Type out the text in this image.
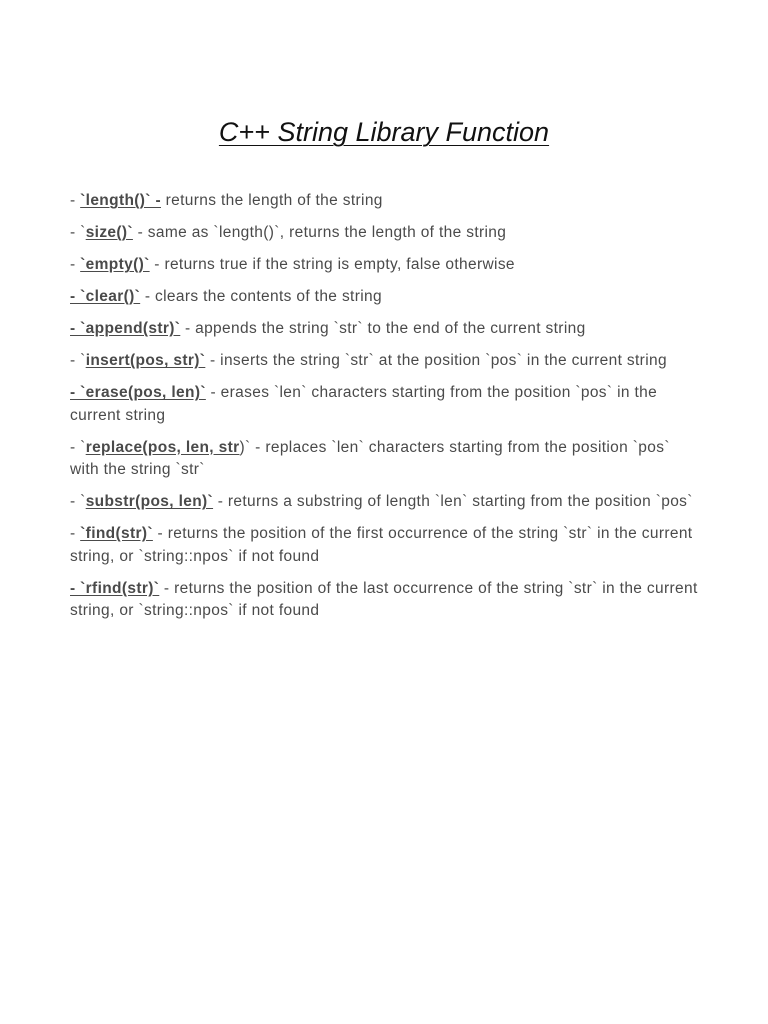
C++ String Library Function
- `length()` - returns the length of the string
- `size()` - same as `length()`, returns the length of the string
- `empty()` - returns true if the string is empty, false otherwise
- `clear()` - clears the contents of the string
- `append(str)` - appends the string `str` to the end of the current string
- `insert(pos, str)` - inserts the string `str` at the position `pos` in the current string
- `erase(pos, len)` - erases `len` characters starting from the position `pos` in the current string
- `replace(pos, len, str)` - replaces `len` characters starting from the position `pos` with the string `str`
- `substr(pos, len)` - returns a substring of length `len` starting from the position `pos`
- `find(str)` - returns the position of the first occurrence of the string `str` in the current string, or `string::npos` if not found
- `rfind(str)` - returns the position of the last occurrence of the string `str` in the current string, or `string::npos` if not found
